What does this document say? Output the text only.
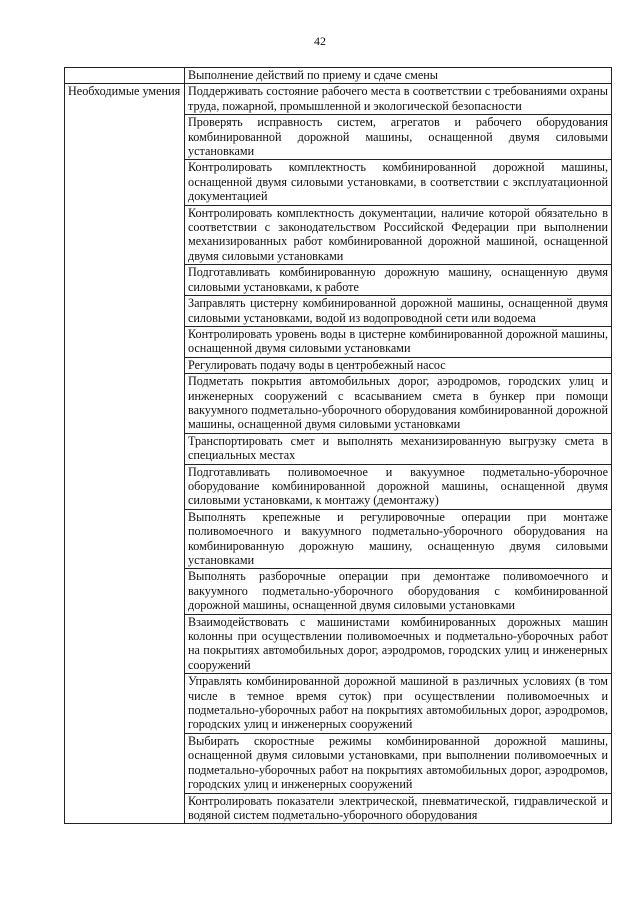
42
	Выполнение действий по приему и сдаче смены
Необходимые умения	Поддерживать состояние рабочего места в соответствии с требованиями охраны труда, пожарной, промышленной и экологической безопасности
	Проверять исправность систем, агрегатов и рабочего оборудования комбинированной дорожной машины, оснащенной двумя силовыми установками
	Контролировать комплектность комбинированной дорожной машины, оснащенной двумя силовыми установками, в соответствии с эксплуатационной документацией
	Контролировать комплектность документации, наличие которой обязательно в соответствии с законодательством Российской Федерации при выполнении механизированных работ комбинированной дорожной машиной, оснащенной двумя силовыми установками
	Подготавливать комбинированную дорожную машину, оснащенную двумя силовыми установками, к работе
	Заправлять цистерну комбинированной дорожной машины, оснащенной двумя силовыми установками, водой из водопроводной сети или водоема
	Контролировать уровень воды в цистерне комбинированной дорожной машины, оснащенной двумя силовыми установками
	Регулировать подачу воды в центробежный насос
	Подметать покрытия автомобильных дорог, аэродромов, городских улиц и инженерных сооружений с всасыванием смета в бункер при помощи вакуумного подметально-уборочного оборудования комбинированной дорожной машины, оснащенной двумя силовыми установками
	Транспортировать смет и выполнять механизированную выгрузку смета в специальных местах
	Подготавливать поливомоечное и вакуумное подметально-уборочное оборудование комбинированной дорожной машины, оснащенной двумя силовыми установками, к монтажу (демонтажу)
	Выполнять крепежные и регулировочные операции при монтаже поливомоечного и вакуумного подметально-уборочного оборудования на комбинированную дорожную машину, оснащенную двумя силовыми установками
	Выполнять разборочные операции при демонтаже поливомоечного и вакуумного подметально-уборочного оборудования с комбинированной дорожной машины, оснащенной двумя силовыми установками
	Взаимодействовать с машинистами комбинированных дорожных машин колонны при осуществлении поливомоечных и подметально-уборочных работ на покрытиях автомобильных дорог, аэродромов, городских улиц и инженерных сооружений
	Управлять комбинированной дорожной машиной в различных условиях (в том числе в темное время суток) при осуществлении поливомоечных и подметально-уборочных работ на покрытиях автомобильных дорог, аэродромов, городских улиц и инженерных сооружений
	Выбирать скоростные режимы комбинированной дорожной машины, оснащенной двумя силовыми установками, при выполнении поливомоечных и подметально-уборочных работ на покрытиях автомобильных дорог, аэродромов, городских улиц и инженерных сооружений
	Контролировать показатели электрической, пневматической, гидравлической и водяной систем подметально-уборочного оборудования
